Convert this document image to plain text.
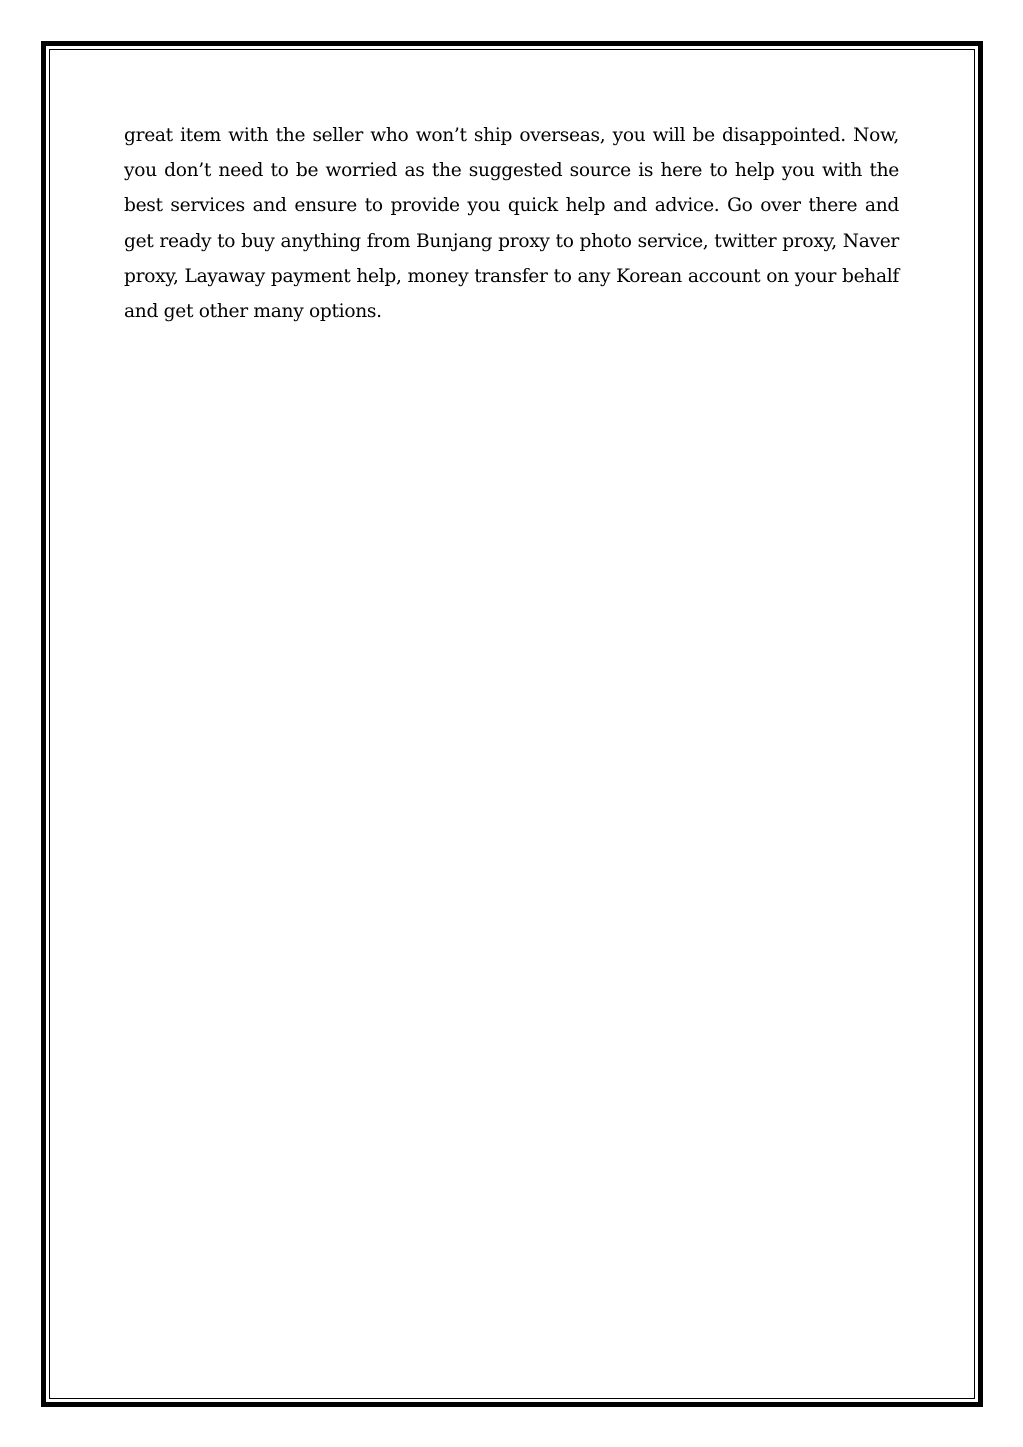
great item with the seller who won’t ship overseas, you will be disappointed. Now, you don’t need to be worried as the suggested source is here to help you with the best services and ensure to provide you quick help and advice. Go over there and get ready to buy anything from Bunjang proxy to photo service, twitter proxy, Naver proxy, Layaway payment help, money transfer to any Korean account on your behalf and get other many options.
